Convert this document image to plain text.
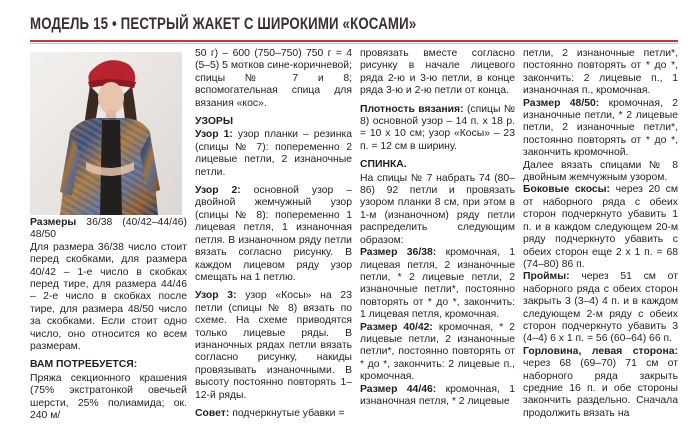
МОДЕЛЬ 15 • ПЕСТРЫЙ ЖАКЕТ С ШИРОКИМИ «КОСАМИ»

Размеры 36/38 (40/42–44/46) 48/50

Для размера 36/38 число стоит перед скобками, для размера 40/42 – 1-е число в скобках перед тире, для размера 44/46 – 2-е число в скобках после тире, для размера 48/50 число за скобками. Если стоит одно число, оно относится ко всем размерам.

ВАМ ПОТРЕБУЕТСЯ:

Пряжа секционного крашения (75% экстратонкой овечьей шерсти, 25% полиамида; ок. 240 м/

50 г) – 600 (750–750) 750 г = 4 (5–5) 5 мотков сине-коричневой; спицы № 7 и 8; вспомогательная спица для вязания «кос».

УЗОРЫ

Узор 1: узор планки – резинка (спицы № 7): попеременно 2 лицевые петли, 2 изнаночные петли.

Узор 2: основной узор – двойной жемчужный узор (спицы № 8): попеременно 1 лицевая петля, 1 изнаночная петля. В изнаночном ряду петли вязать согласно рисунку. В каждом лицевом ряду узор смещать на 1 петлю.

Узор 3: узор «Косы» на 23 петли (спицы № 8) вязать по схеме. На схеме приводятся только лицевые ряды. В изнаночных рядах петли вязать согласно рисунку, накиды провязывать изнаночными. В высоту постоянно повторять 1–12-й ряды.

Совет: подчеркнутые убавки =

провязать вместе согласно рисунку в начале лицевого ряда 2-ю и 3-ю петли, в конце ряда 3-ю и 2-ю петли от конца.

Плотность вязания: (спицы № 8) основной узор – 14 п. x 18 р. = 10 x 10 см; узор «Косы» – 23 п. = 12 см в ширину.

СПИНКА.

На спицы № 7 набрать 74 (80–86) 92 петли и провязать узором планки 8 см, при этом в 1-м (изнаночном) ряду петли распределить следующим образом:

Размер 36/38: кромочная, 1 лицевая петля, 2 изнаночные петли, * 2 лицевые петли, 2 изнаночные петли*, постоянно повторять от * до *, закончить: 1 лицевая петля, кромочная.

Размер 40/42: кромочная, * 2 лицевые петли, 2 изнаночные петли*, постоянно повторять от * до *, закончить: 2 лицевые п., кромочная.

Размер 44/46: кромочная, 1 изнаночная петля, * 2 лицевые

петли, 2 изнаночные петли*, постоянно повторять от * до *, закончить: 2 лицевые п., 1 изнаночная п., кромочная.

Размер 48/50: кромочная, 2 изнаночные петли, * 2 лицевые петли, 2 изнаночные петли*, постоянно повторять от * до *, закончить кромочной.

Далее вязать спицами № 8 двойным жемчужным узором.

Боковые скосы: через 20 см от наборного ряда с обеих сторон подчеркнуто убавить 1 п. и в каждом следующем 20-м ряду подчеркнуто убавить с обеих сторон еще 2 x 1 п. = 68 (74–80) 86 п.

Проймы: через 51 см от наборного ряда с обеих сторон закрыть 3 (3–4) 4 п. и в каждом следующем 2-м ряду с обеих сторон подчеркнуто убавить 3 (4–4) 6 x 1 п. = 56 (60–64) 66 п.

Горловина, левая сторона: через 68 (69–70) 71 см от наборного ряда закрыть средние 16 п. и обе стороны закончить раздельно. Сначала продолжить вязать на
